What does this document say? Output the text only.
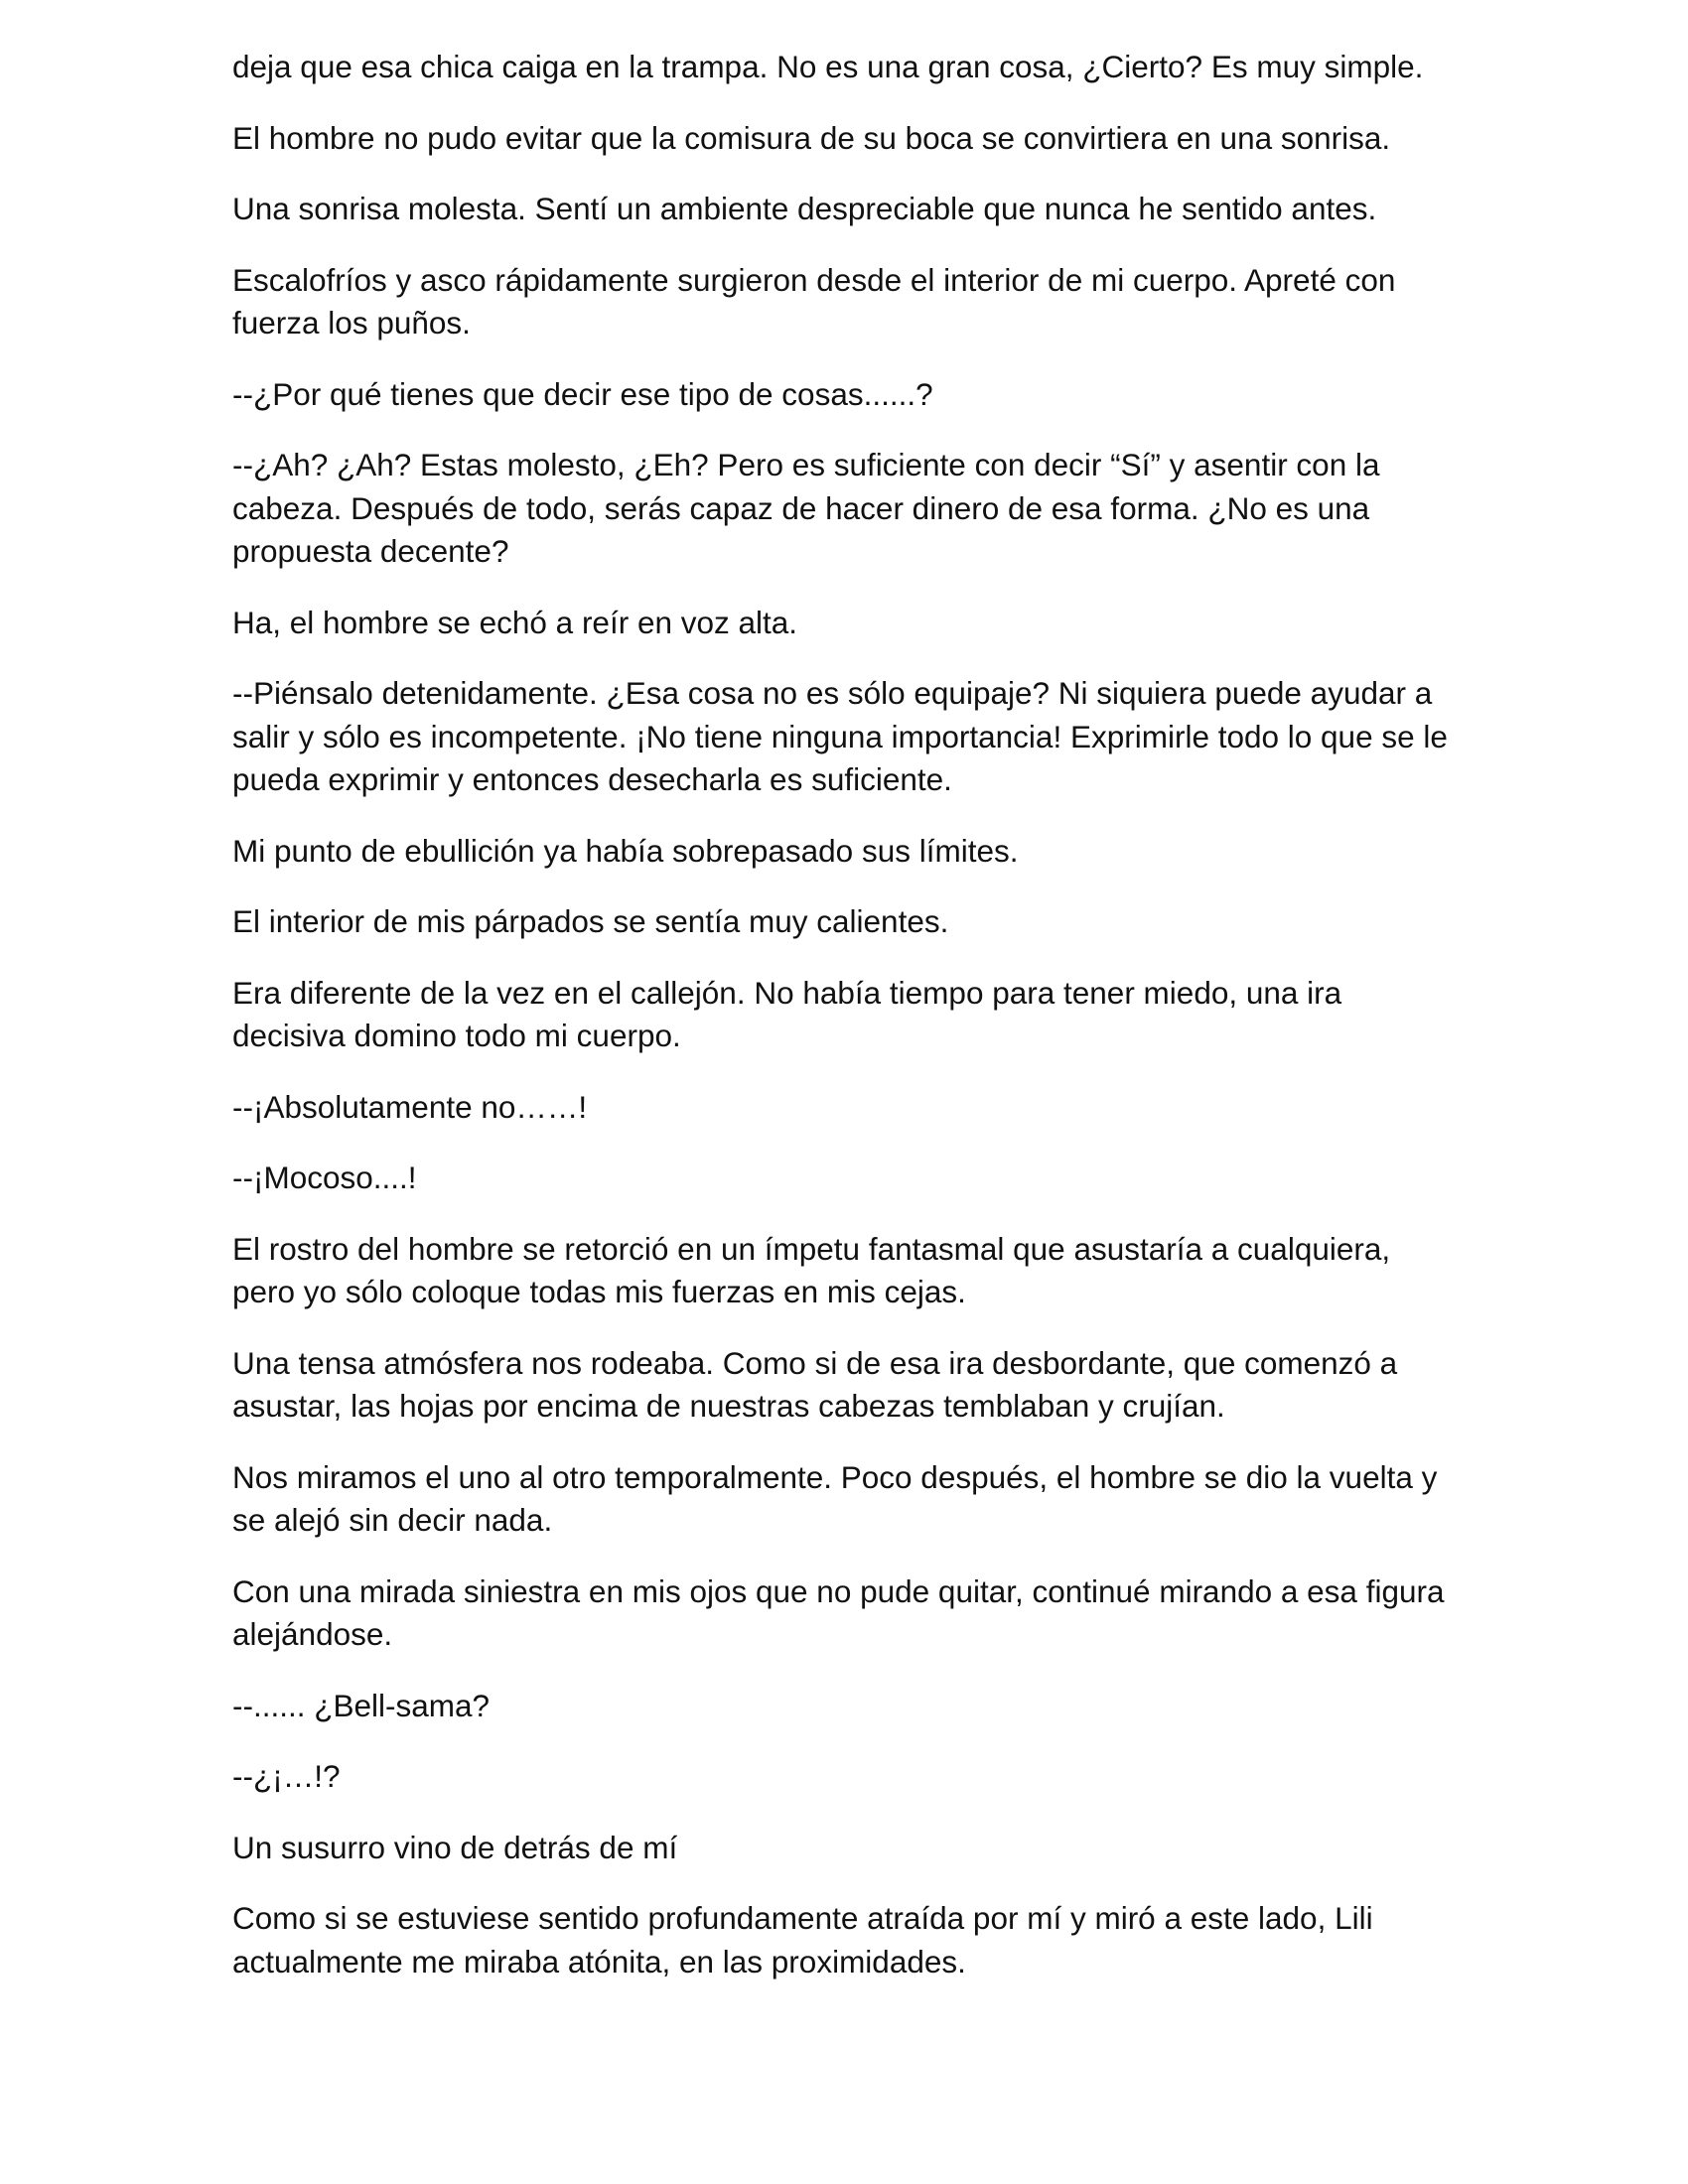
deja que esa chica caiga en la trampa. No es una gran cosa, ¿Cierto? Es muy simple.

El hombre no pudo evitar que la comisura de su boca se convirtiera en una sonrisa.

Una sonrisa molesta. Sentí un ambiente despreciable que nunca he sentido antes.

Escalofríos y asco rápidamente surgieron desde el interior de mi cuerpo. Apreté con fuerza los puños.

--¿Por qué tienes que decir ese tipo de cosas......?

--¿Ah? ¿Ah? Estas molesto, ¿Eh? Pero es suficiente con decir “Sí” y asentir con la cabeza. Después de todo, serás capaz de hacer dinero de esa forma. ¿No es una propuesta decente?

Ha, el hombre se echó a reír en voz alta.

--Piénsalo detenidamente. ¿Esa cosa no es sólo equipaje? Ni siquiera puede ayudar a salir y sólo es incompetente. ¡No tiene ninguna importancia! Exprimirle todo lo que se le pueda exprimir y entonces desecharla es suficiente.

Mi punto de ebullición ya había sobrepasado sus límites.

El interior de mis párpados se sentía muy calientes.

Era diferente de la vez en el callejón. No había tiempo para tener miedo, una ira decisiva domino todo mi cuerpo.

--¡Absolutamente no……!

--¡Mocoso....!

El rostro del hombre se retorció en un ímpetu fantasmal que asustaría a cualquiera, pero yo sólo coloque todas mis fuerzas en mis cejas.

Una tensa atmósfera nos rodeaba. Como si de esa ira desbordante, que comenzó a asustar, las hojas por encima de nuestras cabezas temblaban y crujían.

Nos miramos el uno al otro temporalmente. Poco después, el hombre se dio la vuelta y se alejó sin decir nada.

Con una mirada siniestra en mis ojos que no pude quitar, continué mirando a esa figura alejándose.

--...... ¿Bell-sama?

--¿¡…!?

Un susurro vino de detrás de mí

Como si se estuviese sentido profundamente atraída por mí y miró a este lado, Lili actualmente me miraba atónita, en las proximidades.
